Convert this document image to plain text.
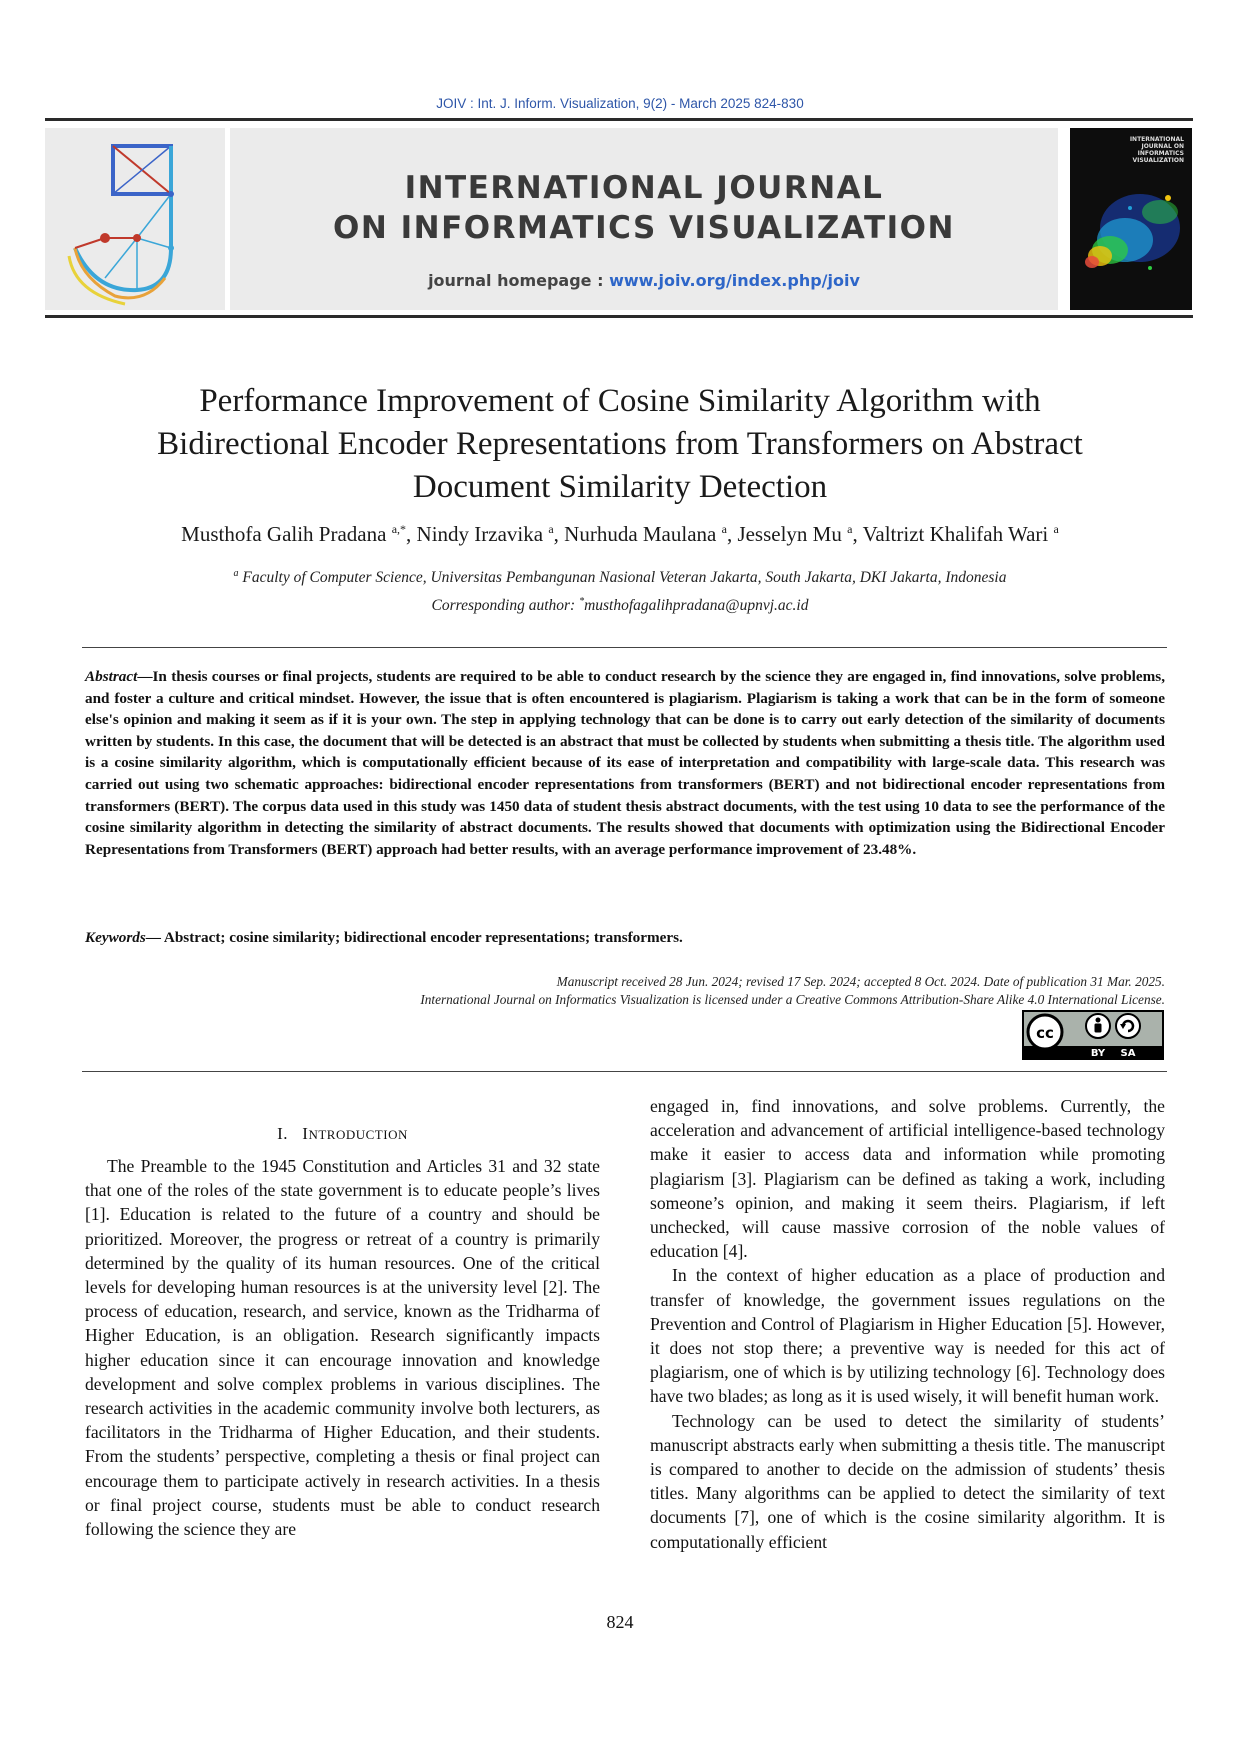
JOIV : Int. J. Inform. Visualization, 9(2) - March 2025 824-830
INTERNATIONAL JOURNAL
ON INFORMATICS VISUALIZATION
journal homepage : www.joiv.org/index.php/joiv
INTERNATIONAL JOURNAL ON INFORMATICS VISUALIZATION
Performance Improvement of Cosine Similarity Algorithm with
Bidirectional Encoder Representations from Transformers on Abstract
Document Similarity Detection
Musthofa Galih Pradana $^{a,*}$, Nindy Irzavika $^a$, Nurhuda Maulana $^a$, Jesselyn Mu $^a$, Valtrizt Khalifah Wari $^a$
$^a$ Faculty of Computer Science, Universitas Pembangunan Nasional Veteran Jakarta, South Jakarta, DKI Jakarta, Indonesia
Corresponding author: *musthofagalihpradana@upnvj.ac.id
Abstract—In thesis courses or final projects, students are required to be able to conduct research by the science they are engaged in, find innovations, solve problems, and foster a culture and critical mindset. However, the issue that is often encountered is plagiarism. Plagiarism is taking a work that can be in the form of someone else's opinion and making it seem as if it is your own. The step in applying technology that can be done is to carry out early detection of the similarity of documents written by students. In this case, the document that will be detected is an abstract that must be collected by students when submitting a thesis title. The algorithm used is a cosine similarity algorithm, which is computationally efficient because of its ease of interpretation and compatibility with large-scale data. This research was carried out using two schematic approaches: bidirectional encoder representations from transformers (BERT) and not bidirectional encoder representations from transformers (BERT). The corpus data used in this study was 1450 data of student thesis abstract documents, with the test using 10 data to see the performance of the cosine similarity algorithm in detecting the similarity of abstract documents. The results showed that documents with optimization using the Bidirectional Encoder Representations from Transformers (BERT) approach had better results, with an average performance improvement of 23.48%.
Keywords— Abstract; cosine similarity; bidirectional encoder representations; transformers.
Manuscript received 28 Jun. 2024; revised 17 Sep. 2024; accepted 8 Oct. 2024. Date of publication 31 Mar. 2025.
International Journal on Informatics Visualization is licensed under a Creative Commons Attribution-Share Alike 4.0 International License.
cc
BY SA
I. INTRODUCTION

The Preamble to the 1945 Constitution and Articles 31 and 32 state that one of the roles of the state government is to educate people’s lives [1]. Education is related to the future of a country and should be prioritized. Moreover, the progress or retreat of a country is primarily determined by the quality of its human resources. One of the critical levels for developing human resources is at the university level [2]. The process of education, research, and service, known as the Tridharma of Higher Education, is an obligation. Research significantly impacts higher education since it can encourage innovation and knowledge development and solve complex problems in various disciplines. The research activities in the academic community involve both lecturers, as facilitators in the Tridharma of Higher Education, and their students. From the students’ perspective, completing a thesis or final project can encourage them to participate actively in research activities. In a thesis or final project course, students must be able to conduct research following the science they are

engaged in, find innovations, and solve problems. Currently, the acceleration and advancement of artificial intelligence-based technology make it easier to access data and information while promoting plagiarism [3]. Plagiarism can be defined as taking a work, including someone’s opinion, and making it seem theirs. Plagiarism, if left unchecked, will cause massive corrosion of the noble values of education [4].

In the context of higher education as a place of production and transfer of knowledge, the government issues regulations on the Prevention and Control of Plagiarism in Higher Education [5]. However, it does not stop there; a preventive way is needed for this act of plagiarism, one of which is by utilizing technology [6]. Technology does have two blades; as long as it is used wisely, it will benefit human work.

Technology can be used to detect the similarity of students’ manuscript abstracts early when submitting a thesis title. The manuscript is compared to another to decide on the admission of students’ thesis titles. Many algorithms can be applied to detect the similarity of text documents [7], one of which is the cosine similarity algorithm. It is computationally efficient

824
